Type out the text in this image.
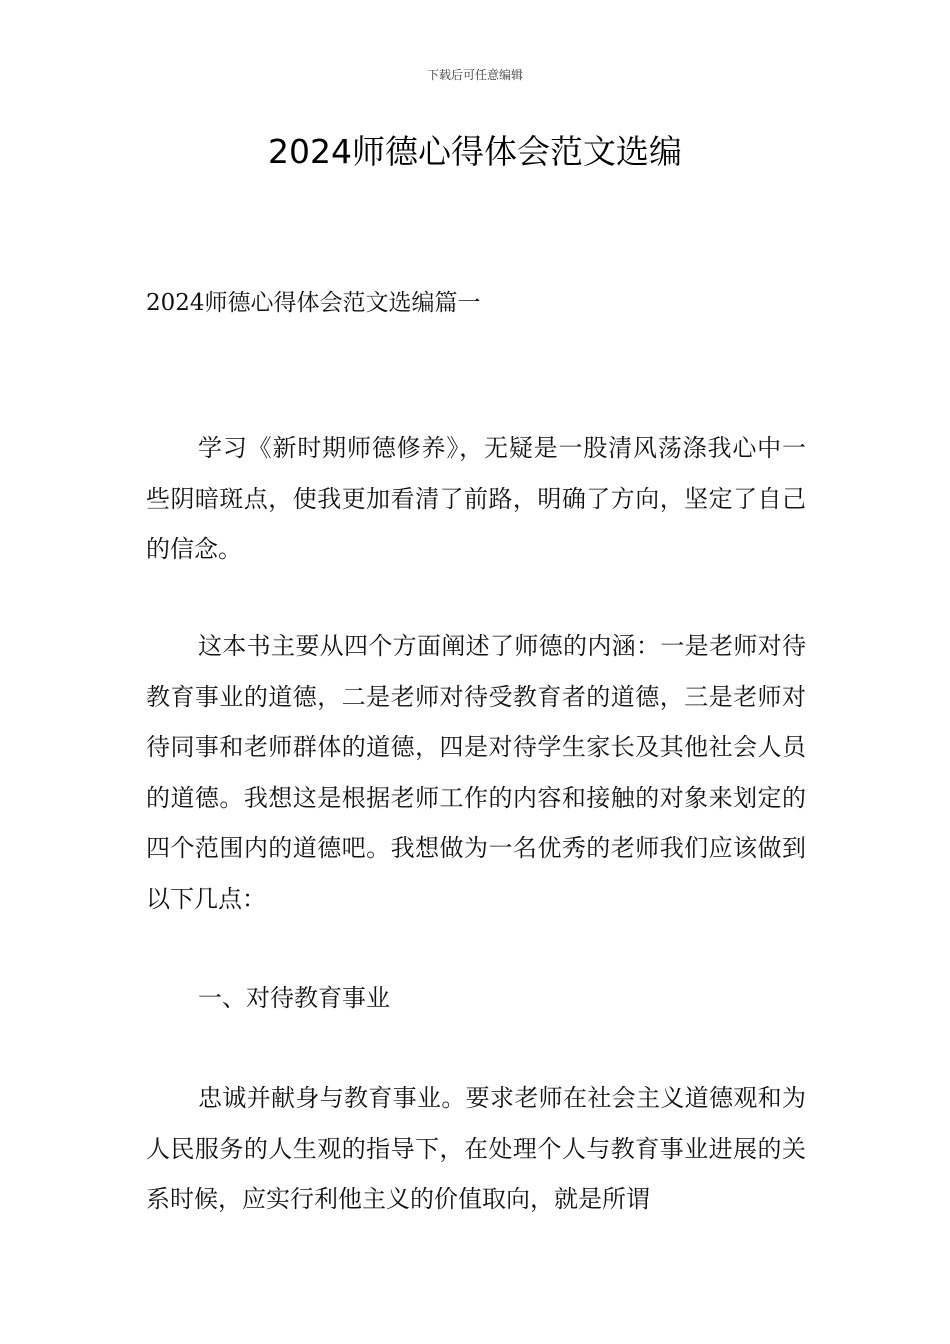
下载后可任意编辑
2024师德心得体会范文选编

2024师德心得体会范文选编篇一

学习《新时期师德修养》，无疑是一股清风荡涤我心中一些阴暗斑点，使我更加看清了前路，明确了方向，坚定了自己的信念。

这本书主要从四个方面阐述了师德的内涵：一是老师对待教育事业的道德，二是老师对待受教育者的道德，三是老师对待同事和老师群体的道德，四是对待学生家长及其他社会人员的道德。我想这是根据老师工作的内容和接触的对象来划定的四个范围内的道德吧。我想做为一名优秀的老师我们应该做到以下几点：

一、对待教育事业

忠诚并献身与教育事业。要求老师在社会主义道德观和为人民服务的人生观的指导下，在处理个人与教育事业进展的关系时候，应实行利他主义的价值取向，就是所谓
